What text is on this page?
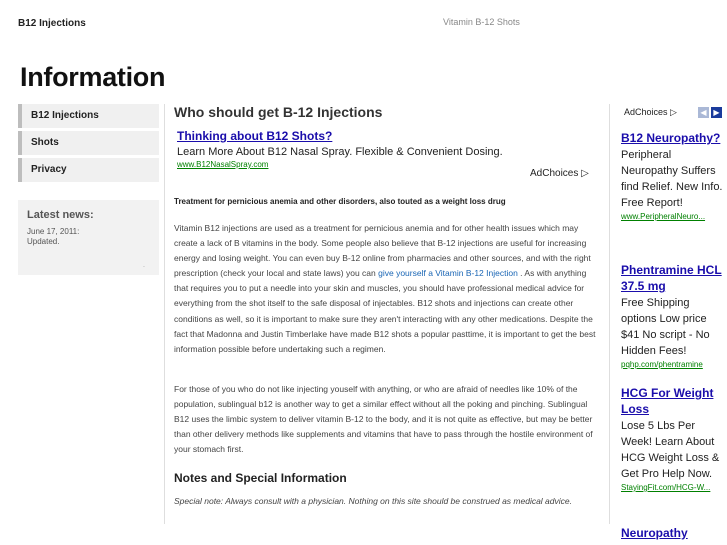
B12 Injections	Vitamin B-12 Shots
Information
B12 Injections
Shots
Privacy
Latest news:
June 17, 2011:
Updated.
.
Who should get B-12 Injections
Thinking about B12 Shots?
Learn More About B12 Nasal Spray. Flexible & Convenient Dosing.
www.B12NasalSpray.com
AdChoices ▷
Treatment for pernicious anemia and other disorders, also touted as a weight loss drug

Vitamin B12 injections are used as a treatment for pernicious anemia and for other health issues which may create a lack of B vitamins in the body. Some people also believe that B-12 injections are useful for increasing energy and losing weight. You can even buy B-12 online from pharmacies and other sources, and with the right prescription (check your local and state laws) you can give yourself a Vitamin B-12 Injection . As with anything that requires you to put a needle into your skin and muscles, you should have professional medical advice for everything from the shot itself to the safe disposal of injectables. B12 shots and injections can create other conditions as well, so it is important to make sure they aren't interacting with any other medications. Despite the fact that Madonna and Justin Timberlake have made B12 shots a popular pasttime, it is important to get the best information possible before undertaking such a regimen.

For those of you who do not like injecting youself with anything, or who are afraid of needles like 10% of the population, sublingual b12 is another way to get a similar effect without all the poking and pinching. Sublingual B12 uses the limbic system to deliver vitamin B-12 to the body, and it is not quite as effective, but may be better than other delivery methods like supplements and vitamins that have to pass through the hostile environment of your stomach first.

Notes and Special Information

Special note: Always consult with a physician. Nothing on this site should be construed as medical advice.

AdChoices ▷	◀ ▶
B12 Neuropathy?
Peripheral Neuropathy Suffers find Relief. New Info. Free Report!
www.PeripheralNeuro...
Phentramine HCL 37.5 mg
Free Shipping options Low price $41 No script - No Hidden Fees!
pqhp.com/phentramine
HCG For Weight Loss
Lose 5 Lbs Per Week! Learn About HCG Weight Loss & Get Pro Help Now.
StayingFit.com/HCG-W...
Neuropathy
